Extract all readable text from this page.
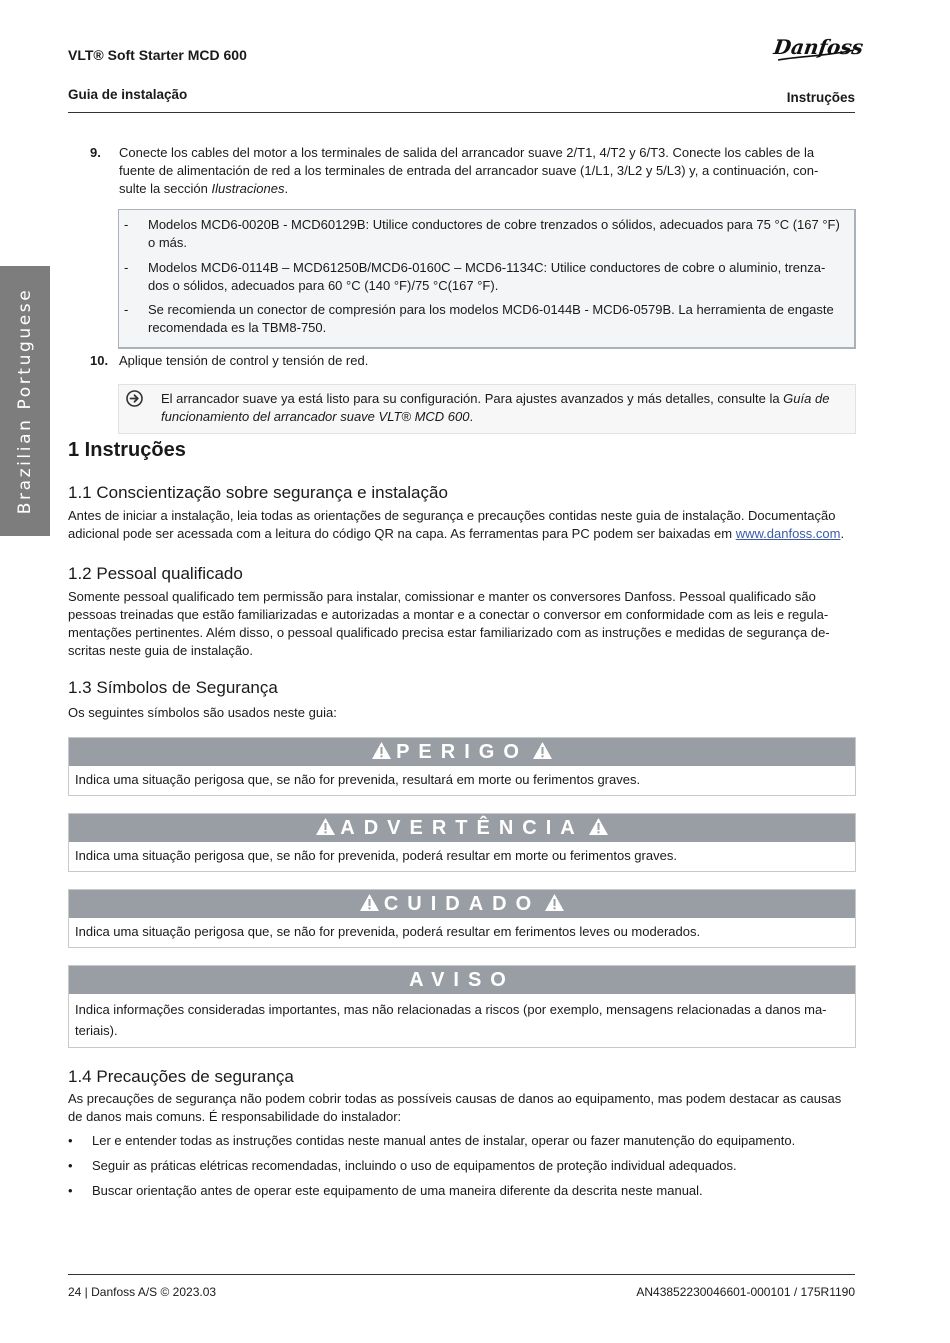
VLT® Soft Starter MCD 600
Guia de instalação	Instruções
Danfoss
Brazilian Portuguese
9. Conecte los cables del motor a los terminales de salida del arrancador suave 2/T1, 4/T2 y 6/T3. Conecte los cables de la fuente de alimentación de red a los terminales de entrada del arrancador suave (1/L1, 3/L2 y 5/L3) y, a continuación, con-sulte la sección Ilustraciones.
- Modelos MCD6-0020B - MCD60129B: Utilice conductores de cobre trenzados o sólidos, adecuados para 75 °C (167 °F) o más.
- Modelos MCD6-0114B – MCD61250B/MCD6-0160C – MCD6-1134C: Utilice conductores de cobre o aluminio, trenza-dos o sólidos, adecuados para 60 °C (140 °F)/75 °C(167 °F).
- Se recomienda un conector de compresión para los modelos MCD6-0144B - MCD6-0579B. La herramienta de engaste recomendada es la TBM8-750.
10. Aplique tensión de control y tensión de red.
El arrancador suave ya está listo para su configuración. Para ajustes avanzados y más detalles, consulte la Guía de funcionamiento del arrancador suave VLT® MCD 600.
1 Instruções
1.1 Conscientização sobre segurança e instalação
Antes de iniciar a instalação, leia todas as orientações de segurança e precauções contidas neste guia de instalação. Documentação adicional pode ser acessada com a leitura do código QR na capa. As ferramentas para PC podem ser baixadas em www.danfoss.com.
1.2 Pessoal qualificado
Somente pessoal qualificado tem permissão para instalar, comissionar e manter os conversores Danfoss. Pessoal qualificado são pessoas treinadas que estão familiarizadas e autorizadas a montar e a conectar o conversor em conformidade com as leis e regula-mentações pertinentes. Além disso, o pessoal qualificado precisa estar familiarizado com as instruções e medidas de segurança de-scritas neste guia de instalação.
1.3 Símbolos de Segurança
Os seguintes símbolos são usados neste guia:
PERIGO
Indica uma situação perigosa que, se não for prevenida, resultará em morte ou ferimentos graves.
ADVERTÊNCIA
Indica uma situação perigosa que, se não for prevenida, poderá resultar em morte ou ferimentos graves.
CUIDADO
Indica uma situação perigosa que, se não for prevenida, poderá resultar em ferimentos leves ou moderados.
AVISO
Indica informações consideradas importantes, mas não relacionadas a riscos (por exemplo, mensagens relacionadas a danos ma-teriais).
1.4 Precauções de segurança
As precauções de segurança não podem cobrir todas as possíveis causas de danos ao equipamento, mas podem destacar as causas de danos mais comuns. É responsabilidade do instalador:
• Ler e entender todas as instruções contidas neste manual antes de instalar, operar ou fazer manutenção do equipamento.
• Seguir as práticas elétricas recomendadas, incluindo o uso de equipamentos de proteção individual adequados.
• Buscar orientação antes de operar este equipamento de uma maneira diferente da descrita neste manual.
24 | Danfoss A/S © 2023.03	AN43852230046601-000101 / 175R1190
